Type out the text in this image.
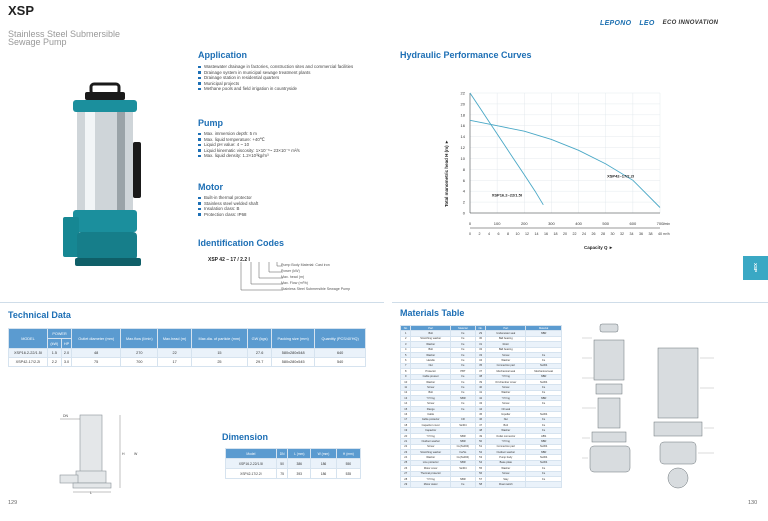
XSP
Stainless Steel Submersible
Sewage Pump
LEPONO LEO ECO INNOVATION
Application
Wastewater drainage in factories, construction sites and commercial facilities
Drainage system in municipal sewage treatment plants
Drainage station in residential quarters
Municipal projects
Methane pools and field irrigation in countryside
Pump
Max. immersion depth: 5 m
Max. liquid temperature: +40℃
Liquid pH value: 4 ~ 10
Liquid kinematic viscosity: 1×10⁻⁶~ 23×10⁻⁶ m²/s
Max. liquid density: 1.2×10³kg/m³
Motor
Built-in thermal protector
Stainless steel welded shaft
Insulation class: B
Protection class: IP68
Identification Codes
XSP 42 – 17 / 2.2 I
Pump Body Material: Cast iron
Power (kW)
Max. head (m)
Max. Flow (m³/h)
Stainless Steel Submersible Sewage Pump
Hydraulic Performance Curves
0
2
4
6
8
10
12
14
16
18
20
22
0	100	200	300	400	500	600	700
0 2 4 6 8 10 12 14 16 18 20 22 24 26 28 30 32 34 36 38 40
l/min
m³/h
Capacity Q ►
Total manometric head H (m) ►	XSP16.2–22/1.5I
XSP42–17/2.2I
Technical Data
MODEL	POWER		Outlet diameter (mm)	Max.flow (l/min)	Max.head (m)	Max.dia. of particle (mm)	GW (kgs)	Packing size (mm)	Quantity (PCS/40'HQ)
	(kW)	HP							
XSP16.2-22/1.5I	1.5	2.0	48	270	22	15	27.6	580x280x548	640
XSP42-17/2.2I	2.2	3.0	75	700	17	25	29.7	580x280x545	540
Dimension
DN
W
H
L
Model	DN	L (mm)	W (mm)	H (mm)
XSP16.2-22/1.5I	50	386	186	550
XSP42-17/2.2I	75	393	186	535
Materials Table
No.	Part	Material	No.	Part	Material
1	Bolt	Fe	29	Underwater seal	NBR
2	Stretching washer	Fe	30	Ball bearing	
3	Washer	Fe	31	Rotor	
4	Bolt	Fe	32	Ball bearing	
5	Washer	Fe	33	Screw	Fe
6	Handle	Fe	34	Washer	Fe
7	Nut	Fe	35	Connection part	Ss304
8	Protector	PBT	37	Mechanical seal	Mechanical seal
9	Cable pressor	Fe	38	"O"ring	NBR
10	Washer	Fe	39	Oil chamber cover	Ss304
11	Screw	Fe	40	Screw	Fe
12	Bolt	Fe	41	Washer	Fe
13	"O"ring	NBR	42	"O"ring	NBR
14	Screw	Fe	43	Screw	Fe
15	Flange	Fe	44	Oil seal	
16	Cable		45	Impeller	Ss304
17	Cable protector	CR	46	Nut	Fe
18	Capacitor cover	Ss304	47	Bolt	Fe
19	Capacitor		48	Washer	Fe
20	"O"ring	NBR	49	Outlet connector	ABS
21	Outdoor washer	NBR	50	"O"ring	NBR
22	Screw	Cu(Ss304)	51	Connection part	Ss304
23	Stretching washer	Fe/Ss	52	Outdoor washer	NBR
24	Washer	Cu(Ss304)	53	Pump body	Ss304
25	Line protector	NBR	54	Base plate	Ss304
26	Motor cover	Ss304	55	Washer	Fe
27	Thermal protector		56	Screw	Fe
28	"O"ring	NBR	57	Stay	Fe
29	Motor stator	Fe	58	Float switch	
XSP
129	130
